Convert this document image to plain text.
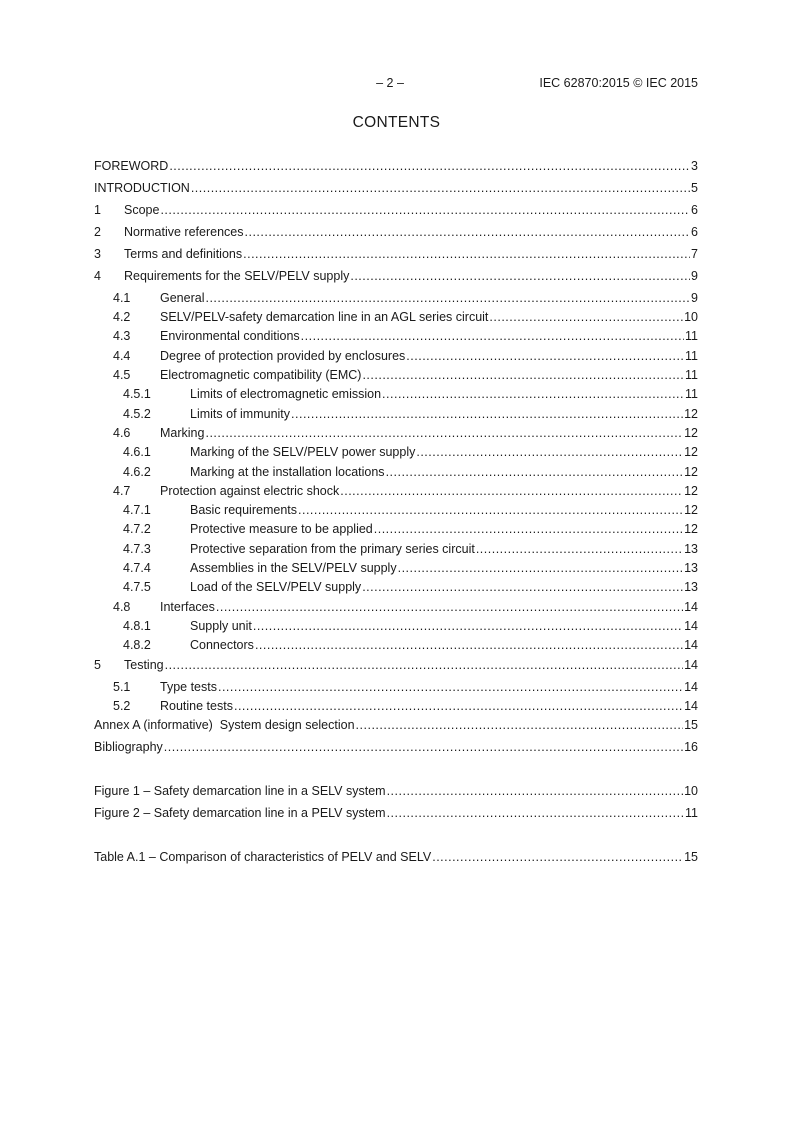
– 2 –	IEC 62870:2015 © IEC 2015
CONTENTS
FOREWORD .....	3
INTRODUCTION .....	5
1	Scope .....	6
2	Normative references .....	6
3	Terms and definitions .....	7
4	Requirements for the SELV/PELV supply .....	9
4.1	General .....	9
4.2	SELV/PELV-safety demarcation line in an AGL series circuit .....	10
4.3	Environmental conditions .....	11
4.4	Degree of protection provided by enclosures .....	11
4.5	Electromagnetic compatibility (EMC) .....	11
4.5.1	Limits of electromagnetic emission .....	11
4.5.2	Limits of immunity .....	12
4.6	Marking .....	12
4.6.1	Marking of the SELV/PELV power supply .....	12
4.6.2	Marking at the installation locations .....	12
4.7	Protection against electric shock .....	12
4.7.1	Basic requirements .....	12
4.7.2	Protective measure to be applied .....	12
4.7.3	Protective separation from the primary series circuit .....	13
4.7.4	Assemblies in the SELV/PELV supply .....	13
4.7.5	Load of the SELV/PELV supply .....	13
4.8	Interfaces .....	14
4.8.1	Supply unit .....	14
4.8.2	Connectors .....	14
5	Testing .....	14
5.1	Type tests .....	14
5.2	Routine tests .....	14
Annex A (informative)  System design selection .....	15
Bibliography .....	16
Figure 1 – Safety demarcation line in a SELV system .....	10
Figure 2 – Safety demarcation line in a PELV system .....	11
Table A.1 – Comparison of characteristics of PELV and SELV .....	15
